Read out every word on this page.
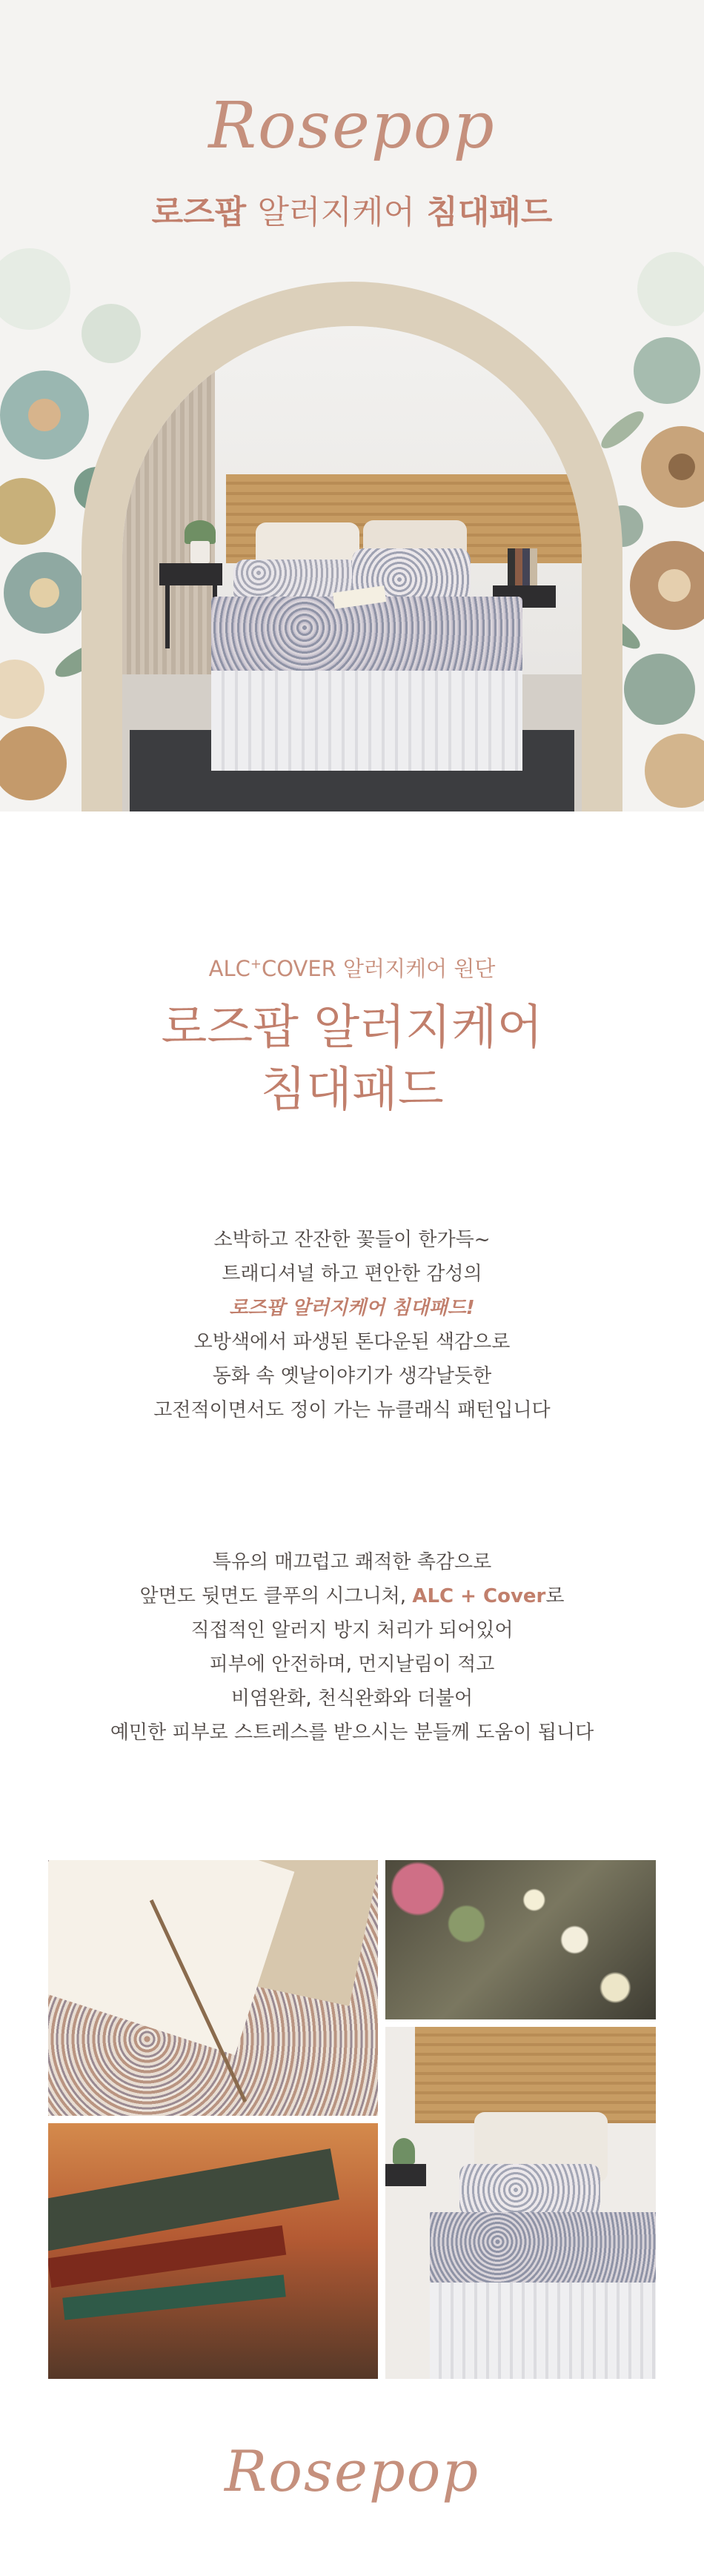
Rosepop
로즈팝 알러지케어 침대패드
ALC+COVER 알러지케어 원단
로즈팝 알러지케어
침대패드
소박하고 잔잔한 꽃들이 한가득~
트래디셔널 하고 편안한 감성의
로즈팝 알러지케어 침대패드!
오방색에서 파생된 톤다운된 색감으로
동화 속 옛날이야기가 생각날듯한
고전적이면서도 정이 가는 뉴클래식 패턴입니다
특유의 매끄럽고 쾌적한 촉감으로
앞면도 뒷면도 클푸의 시그니처, ALC + Cover로
직접적인 알러지 방지 처리가 되어있어
피부에 안전하며, 먼지날림이 적고
비염완화, 천식완화와 더불어
예민한 피부로 스트레스를 받으시는 분들께 도움이 됩니다
Rosepop
